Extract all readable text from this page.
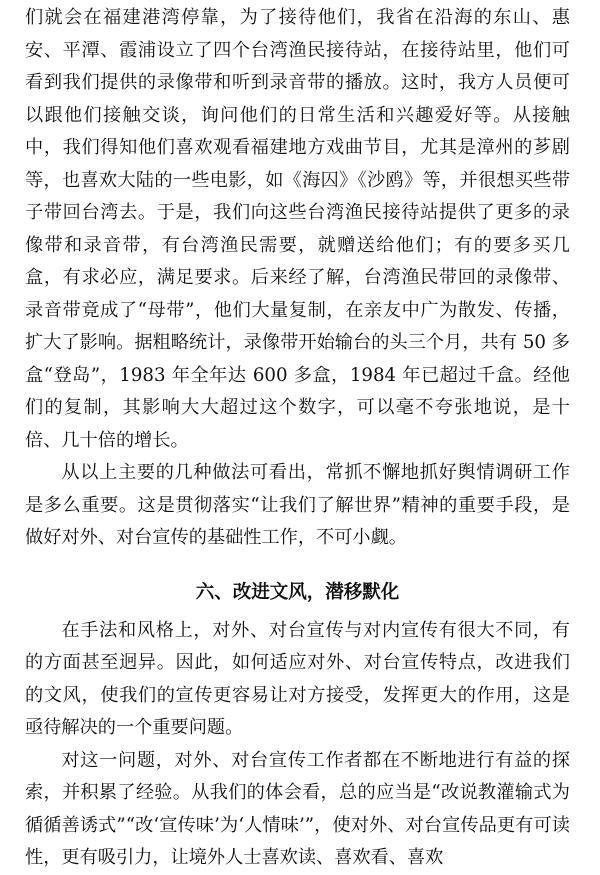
们就会在福建港湾停靠，为了接待他们，我省在沿海的东山、惠安、平潭、霞浦设立了四个台湾渔民接待站，在接待站里，他们可看到我们提供的录像带和听到录音带的播放。这时，我方人员便可以跟他们接触交谈，询问他们的日常生活和兴趣爱好等。从接触中，我们得知他们喜欢观看福建地方戏曲节目，尤其是漳州的芗剧等，也喜欢大陆的一些电影，如《海囚》《沙鸥》等，并很想买些带子带回台湾去。于是，我们向这些台湾渔民接待站提供了更多的录像带和录音带，有台湾渔民需要，就赠送给他们；有的要多买几盒，有求必应，满足要求。后来经了解，台湾渔民带回的录像带、录音带竟成了“母带”，他们大量复制，在亲友中广为散发、传播，扩大了影响。据粗略统计，录像带开始输台的头三个月，共有 50 多盒“登岛”，1983 年全年达 600 多盒，1984 年已超过千盒。经他们的复制，其影响大大超过这个数字，可以毫不夸张地说，是十倍、几十倍的增长。

从以上主要的几种做法可看出，常抓不懈地抓好舆情调研工作是多么重要。这是贯彻落实“让我们了解世界”精神的重要手段，是做好对外、对台宣传的基础性工作，不可小觑。

六、改进文风，潜移默化

在手法和风格上，对外、对台宣传与对内宣传有很大不同，有的方面甚至迥异。因此，如何适应对外、对台宣传特点，改进我们的文风，使我们的宣传更容易让对方接受，发挥更大的作用，这是亟待解决的一个重要问题。

对这一问题，对外、对台宣传工作者都在不断地进行有益的探索，并积累了经验。从我们的体会看，总的应当是“改说教灌输式为循循善诱式”“改‘宣传味’为‘人情味’”，使对外、对台宣传品更有可读性，更有吸引力，让境外人士喜欢读、喜欢看、喜欢
